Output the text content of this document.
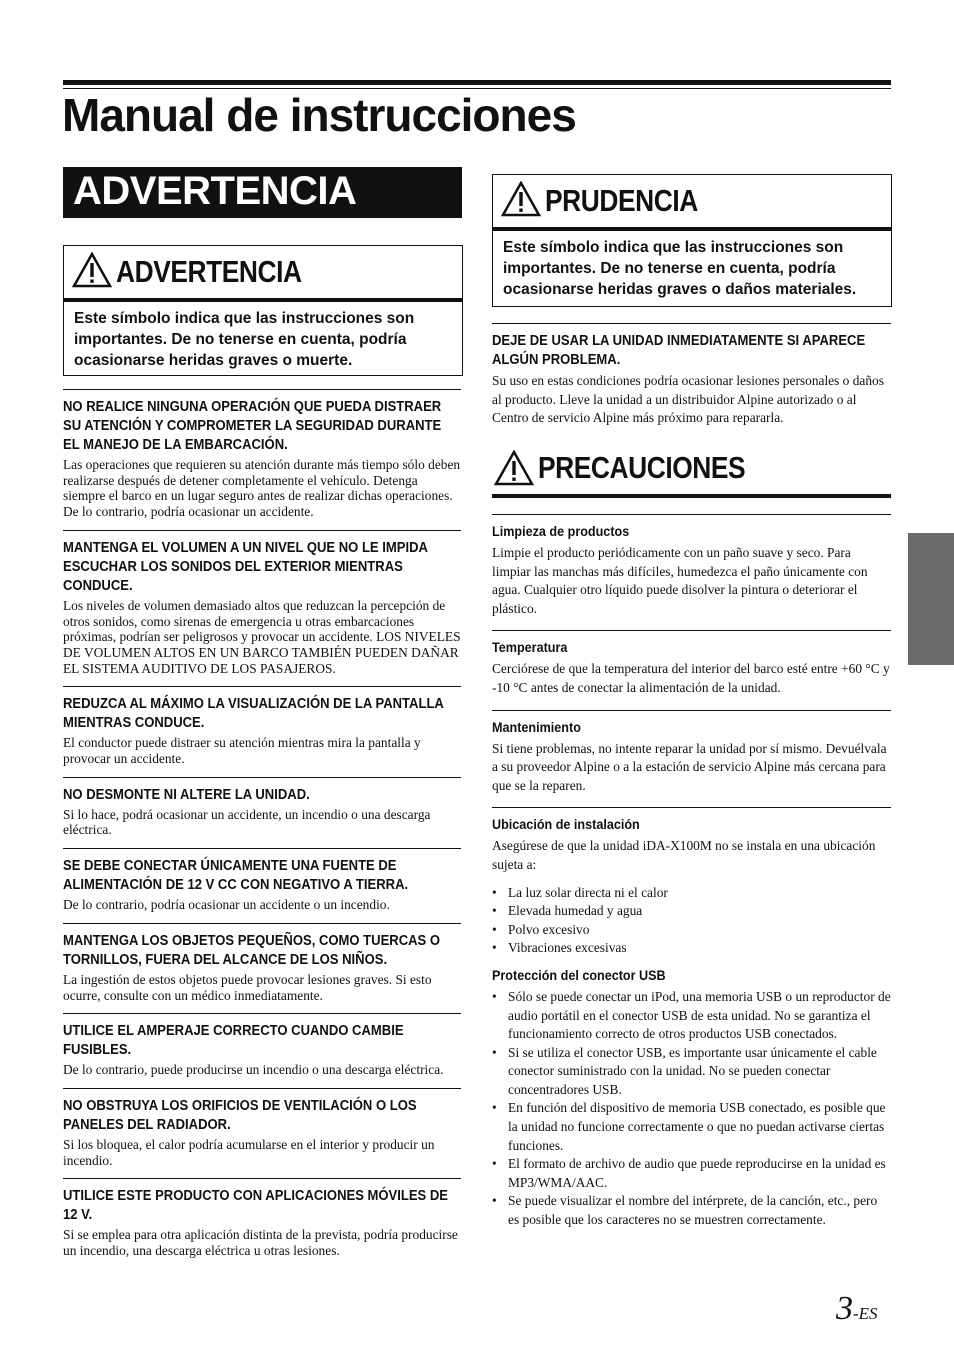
Manual de instrucciones
ADVERTENCIA
ADVERTENCIA
Este símbolo indica que las instrucciones son importantes. De no tenerse en cuenta, podría ocasionarse heridas graves o muerte.
NO REALICE NINGUNA OPERACIÓN QUE PUEDA DISTRAER SU ATENCIÓN Y COMPROMETER LA SEGURIDAD DURANTE EL MANEJO DE LA EMBARCACIÓN.

Las operaciones que requieren su atención durante más tiempo sólo deben realizarse después de detener completamente el vehículo. Detenga siempre el barco en un lugar seguro antes de realizar dichas operaciones. De lo contrario, podría ocasionar un accidente.

MANTENGA EL VOLUMEN A UN NIVEL QUE NO LE IMPIDA ESCUCHAR LOS SONIDOS DEL EXTERIOR MIENTRAS CONDUCE.

Los niveles de volumen demasiado altos que reduzcan la percepción de otros sonidos, como sirenas de emergencia u otras embarcaciones próximas, podrían ser peligrosos y provocar un accidente. LOS NIVELES DE VOLUMEN ALTOS EN UN BARCO TAMBIÉN PUEDEN DAÑAR EL SISTEMA AUDITIVO DE LOS PASAJEROS.

REDUZCA AL MÁXIMO LA VISUALIZACIÓN DE LA PANTALLA MIENTRAS CONDUCE.

El conductor puede distraer su atención mientras mira la pantalla y provocar un accidente.

NO DESMONTE NI ALTERE LA UNIDAD.

Si lo hace, podrá ocasionar un accidente, un incendio o una descarga eléctrica.

SE DEBE CONECTAR ÚNICAMENTE UNA FUENTE DE ALIMENTACIÓN DE 12 V CC CON NEGATIVO A TIERRA.

De lo contrario, podría ocasionar un accidente o un incendio.

MANTENGA LOS OBJETOS PEQUEÑOS, COMO TUERCAS O TORNILLOS, FUERA DEL ALCANCE DE LOS NIÑOS.

La ingestión de estos objetos puede provocar lesiones graves. Si esto ocurre, consulte con un médico inmediatamente.

UTILICE EL AMPERAJE CORRECTO CUANDO CAMBIE FUSIBLES.

De lo contrario, puede producirse un incendio o una descarga eléctrica.

NO OBSTRUYA LOS ORIFICIOS DE VENTILACIÓN O LOS PANELES DEL RADIADOR.

Si los bloquea, el calor podría acumularse en el interior y producir un incendio.

UTILICE ESTE PRODUCTO CON APLICACIONES MÓVILES DE 12 V.

Si se emplea para otra aplicación distinta de la prevista, podría producirse un incendio, una descarga eléctrica u otras lesiones.

PRUDENCIA
Este símbolo indica que las instrucciones son importantes. De no tenerse en cuenta, podría ocasionarse heridas graves o daños materiales.
DEJE DE USAR LA UNIDAD INMEDIATAMENTE SI APARECE ALGÚN PROBLEMA.

Su uso en estas condiciones podría ocasionar lesiones personales o daños al producto. Lleve la unidad a un distribuidor Alpine autorizado o al Centro de servicio Alpine más próximo para repararla.

PRECAUCIONES
Limpieza de productos

Limpie el producto periódicamente con un paño suave y seco. Para limpiar las manchas más difíciles, humedezca el paño únicamente con agua. Cualquier otro líquido puede disolver la pintura o deteriorar el plástico.

Temperatura

Cerciórese de que la temperatura del interior del barco esté entre +60 °C y -10 °C antes de conectar la alimentación de la unidad.

Mantenimiento

Si tiene problemas, no intente reparar la unidad por sí mismo. Devuélvala a su proveedor Alpine o a la estación de servicio Alpine más cercana para que se la reparen.

Ubicación de instalación

Asegúrese de que la unidad iDA-X100M no se instala en una ubicación sujeta a:

• La luz solar directa ni el calor
• Elevada humedad y agua
• Polvo excesivo
• Vibraciones excesivas
Protección del conector USB
• Sólo se puede conectar un iPod, una memoria USB o un reproductor de audio portátil en el conector USB de esta unidad. No se garantiza el funcionamiento correcto de otros productos USB conectados.
• Si se utiliza el conector USB, es importante usar únicamente el cable conector suministrado con la unidad. No se pueden conectar concentradores USB.
• En función del dispositivo de memoria USB conectado, es posible que la unidad no funcione correctamente o que no puedan activarse ciertas funciones.
• El formato de archivo de audio que puede reproducirse en la unidad es MP3/WMA/AAC.
• Se puede visualizar el nombre del intérprete, de la canción, etc., pero es posible que los caracteres no se muestren correctamente.
3-ES
